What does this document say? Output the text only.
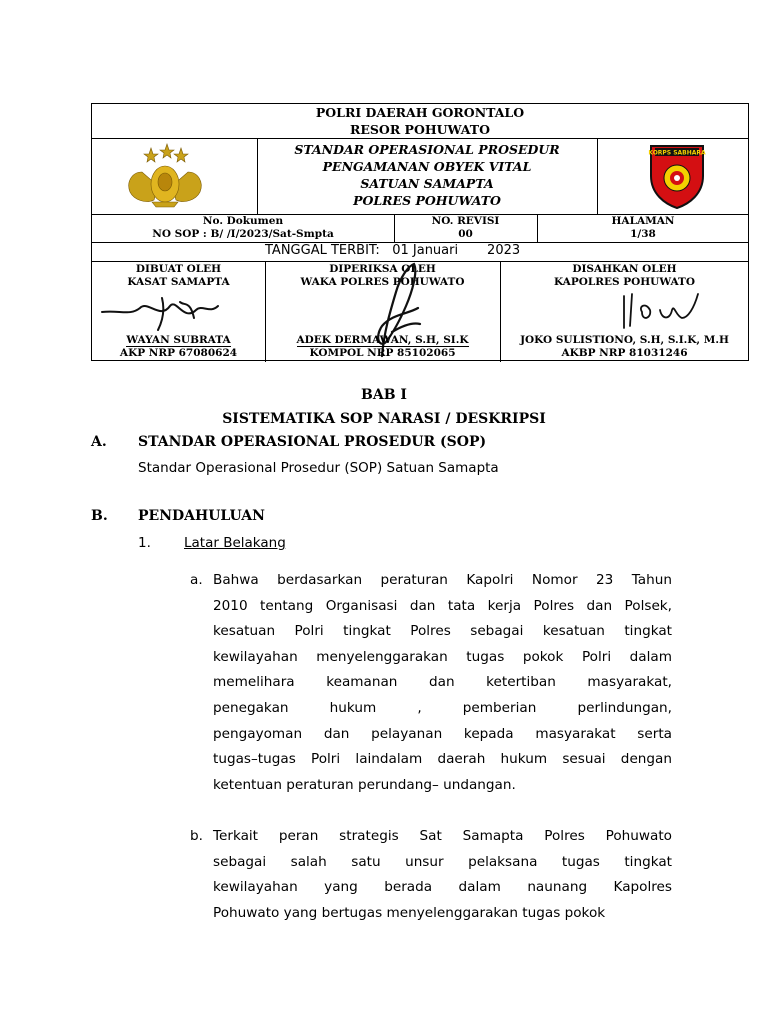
POLRI DAERAH GORONTALO
RESOR POHUWATO
STANDAR OPERASIONAL PROSEDUR
PENGAMANAN OBYEK VITAL
SATUAN SAMAPTA
POLRES POHUWATO
KORPS SABHARA
No. Dokumen
NO SOP : B/ /I/2023/Sat-Smpta
NO. REVISI
00
HALAMAN
1/38
TANGGAL TERBIT: 01 Januari 2023
DIBUAT OLEH
KASAT SAMAPTA
WAYAN SUBRATA
AKP NRP 67080624
DIPERIKSA OLEH
WAKA POLRES POHUWATO
ADEK DERMAWAN, S.H, SI.K
KOMPOL NRP 85102065
DISAHKAN OLEH
KAPOLRES POHUWATO
JOKO SULISTIONO, S.H, S.I.K, M.H
AKBP NRP 81031246
BAB I
SISTEMATIKA SOP NARASI / DESKRIPSI
A. STANDAR OPERASIONAL PROSEDUR (SOP)
Standar Operasional Prosedur (SOP) Satuan Samapta
B. PENDAHULUAN
1. Latar Belakang
a. Bahwa berdasarkan peraturan Kapolri Nomor 23 Tahun
2010 tentang Organisasi dan tata kerja Polres dan Polsek,
kesatuan Polri tingkat Polres sebagai kesatuan tingkat
kewilayahan menyelenggarakan tugas pokok Polri dalam
memelihara keamanan dan ketertiban masyarakat,
penegakan hukum , pemberian perlindungan,
pengayoman dan pelayanan kepada masyarakat serta
tugas–tugas Polri laindalam daerah hukum sesuai dengan
ketentuan peraturan perundang– undangan.
b. Terkait peran strategis Sat Samapta Polres Pohuwato
sebagai salah satu unsur pelaksana tugas tingkat
kewilayahan yang berada dalam naunang Kapolres
Pohuwato yang bertugas menyelenggarakan tugas pokok
